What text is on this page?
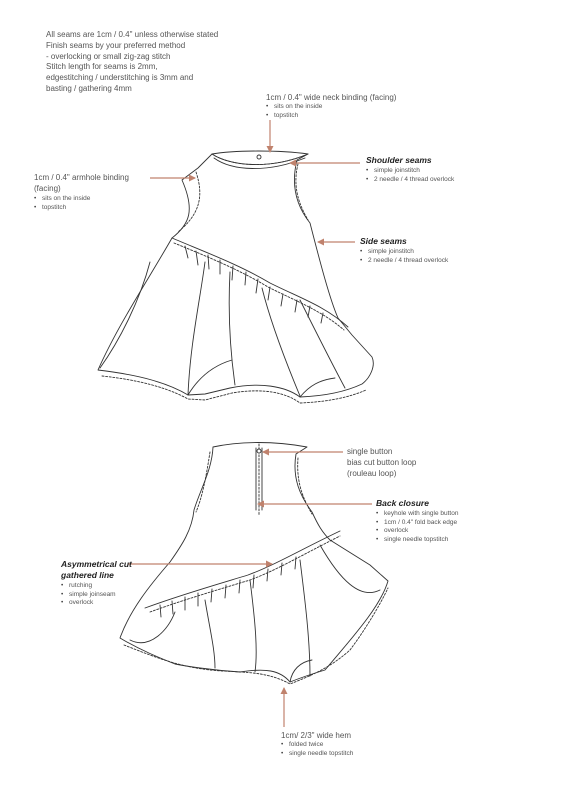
All seams are 1cm / 0.4" unless otherwise stated
Finish seams by your preferred method
- overlocking or small zig-zag stitch
Stitch length for seams is 2mm,
edgestitching / understitching is 3mm and
basting / gathering 4mm
1cm / 0.4" wide neck binding (facing)
• sits on the inside
• topstitch
1cm / 0.4" armhole binding
(facing)
• sits on the inside
• topstitch
Shoulder seams
• simple joinstitch
• 2 needle / 4 thread overlock
Side seams
• simple joinstitch
• 2 needle / 4 thread overlock
single button
bias cut button loop
(rouleau loop)
Back closure
• keyhole with single button
• 1cm / 0.4" fold back edge
• overlock
• single needle topstitch
Asymmetrical cut
gathered line
• rutching
• simple joinseam
• overlock
1cm/ 2/3" wide hem
• folded twice
• single needle topstitch
